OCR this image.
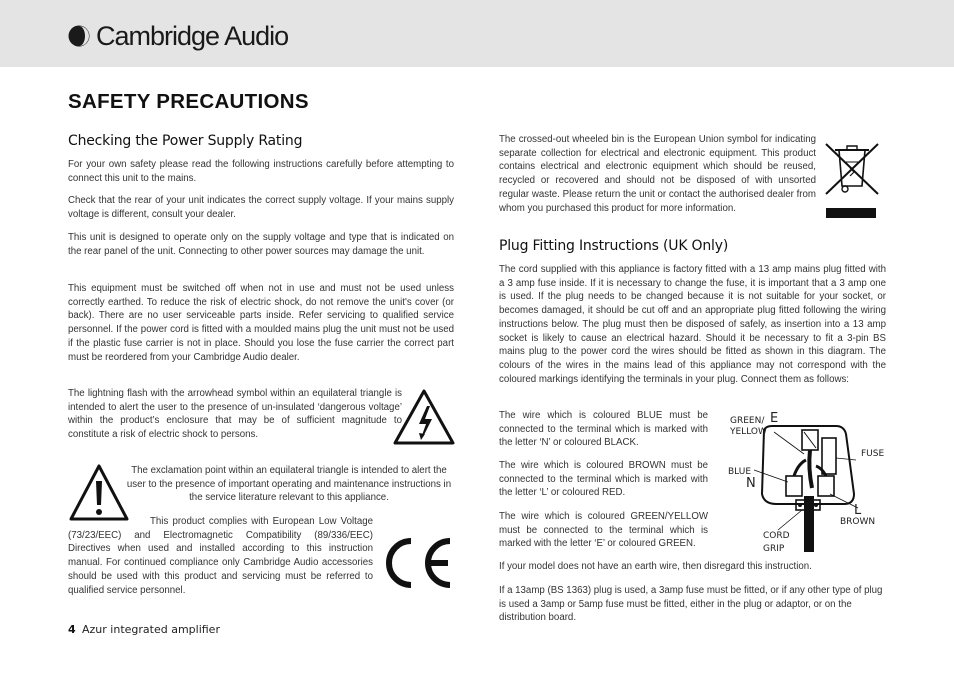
Cambridge Audio
SAFETY PRECAUTIONS
Checking the Power Supply Rating
For your own safety please read the following instructions carefully before attempting to connect this unit to the mains.
Check that the rear of your unit indicates the correct supply voltage. If your mains supply voltage is different, consult your dealer.
This unit is designed to operate only on the supply voltage and type that is indicated on the rear panel of the unit. Connecting to other power sources may damage the unit.
This equipment must be switched off when not in use and must not be used unless correctly earthed. To reduce the risk of electric shock, do not remove the unit's cover (or back). There are no user serviceable parts inside. Refer servicing to qualified service personnel. If the power cord is fitted with a moulded mains plug the unit must not be used if the plastic fuse carrier is not in place. Should you lose the fuse carrier the correct part must be reordered from your Cambridge Audio dealer.
The lightning flash with the arrowhead symbol within an equilateral triangle is intended to alert the user to the presence of un-insulated ‘dangerous voltage’ within the product’s enclosure that may be of sufficient magnitude to constitute a risk of electric shock to persons.
The exclamation point within an equilateral triangle is intended to alert the user to the presence of important operating and maintenance instructions in the service literature relevant to this appliance.
This product complies with European Low Voltage (73/23/EEC) and Electromagnetic Compatibility (89/336/EEC) Directives when used and installed according to this instruction manual. For continued compliance only Cambridge Audio accessories should be used with this product and servicing must be referred to qualified service personnel.
The crossed-out wheeled bin is the European Union symbol for indicating separate collection for electrical and electronic equipment. This product contains electrical and electronic equipment which should be reused, recycled or recovered and should not be disposed of with unsorted regular waste. Please return the unit or contact the authorised dealer from whom you purchased this product for more information.
Plug Fitting Instructions (UK Only)
The cord supplied with this appliance is factory fitted with a 13 amp mains plug fitted with a 3 amp fuse inside. If it is necessary to change the fuse, it is important that a 3 amp one is used. If the plug needs to be changed because it is not suitable for your socket, or becomes damaged, it should be cut off and an appropriate plug fitted following the wiring instructions below. The plug must then be disposed of safely, as insertion into a 13 amp socket is likely to cause an electrical hazard. Should it be necessary to fit a 3-pin BS mains plug to the power cord the wires should be fitted as shown in this diagram. The colours of the wires in the mains lead of this appliance may not correspond with the coloured markings identifying the terminals in your plug. Connect them as follows:
The wire which is coloured BLUE must be connected to the terminal which is marked with the letter ‘N’ or coloured BLACK.
The wire which is coloured BROWN must be connected to the terminal which is marked with the letter ‘L’ or coloured RED.
The wire which is coloured GREEN/YELLOW must be connected to the terminal which is marked with the letter ‘E’ or coloured GREEN.
GREEN/ E
YELLOW
BLUE
N
FUSE
L
BROWN
CORD
GRIP
If your model does not have an earth wire, then disregard this instruction.
If a 13amp (BS 1363) plug is used, a 3amp fuse must be fitted, or if any other type of plug is used a 3amp or 5amp fuse must be fitted, either in the plug or adaptor, or on the distribution board.
4 Azur integrated amplifier
